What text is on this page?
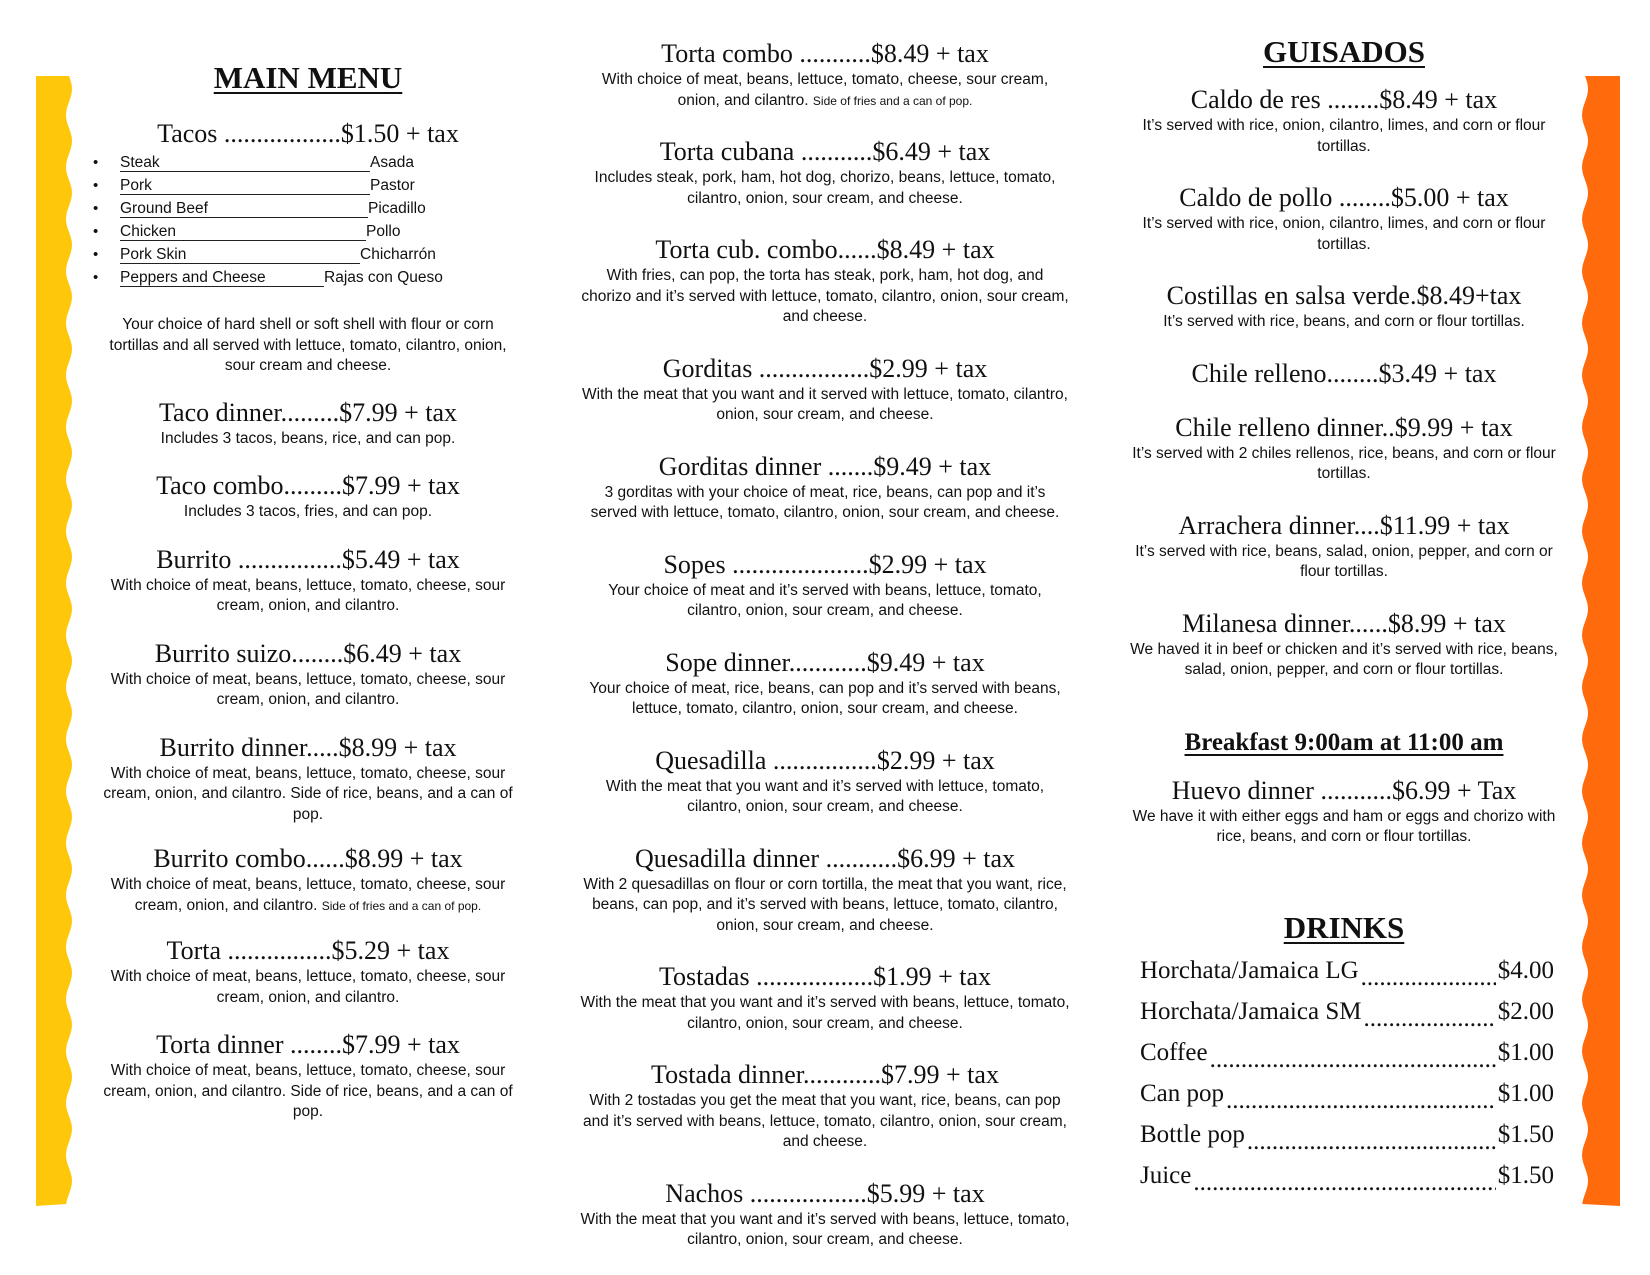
MAIN MENU
Tacos ..................$1.50 + tax
• Steak	Asada
• Pork	Pastor
• Ground Beef	Picadillo
• Chicken	Pollo
• Pork Skin	Chicharrón
• Peppers and Cheese	Rajas con Queso
Your choice of hard shell or soft shell with flour or corn tortillas and all served with lettuce, tomato, cilantro, onion, sour cream and cheese.
Taco dinner.........$7.99 + tax
Includes 3 tacos, beans, rice, and can pop.
Taco combo.........$7.99 + tax
Includes 3 tacos, fries, and can pop.
Burrito ................$5.49 + tax
With choice of meat, beans, lettuce, tomato, cheese, sour cream, onion, and cilantro.
Burrito suizo........$6.49 + tax
With choice of meat, beans, lettuce, tomato, cheese, sour cream, onion, and cilantro.
Burrito dinner.....$8.99 + tax
With choice of meat, beans, lettuce, tomato, cheese, sour cream, onion, and cilantro. Side of rice, beans, and a can of pop.
Burrito combo......$8.99 + tax
With choice of meat, beans, lettuce, tomato, cheese, sour cream, onion, and cilantro. Side of fries and a can of pop.
Torta ................$5.29 + tax
With choice of meat, beans, lettuce, tomato, cheese, sour cream, onion, and cilantro.
Torta dinner ........$7.99 + tax
With choice of meat, beans, lettuce, tomato, cheese, sour cream, onion, and cilantro. Side of rice, beans, and a can of pop.
Torta combo ...........$8.49 + tax
With choice of meat, beans, lettuce, tomato, cheese, sour cream, onion, and cilantro. Side of fries and a can of pop.
Torta cubana ...........$6.49 + tax
Includes steak, pork, ham, hot dog, chorizo, beans, lettuce, tomato, cilantro, onion, sour cream, and cheese.
Torta cub. combo......$8.49 + tax
With fries, can pop, the torta has steak, pork, ham, hot dog, and chorizo and it’s served with lettuce, tomato, cilantro, onion, sour cream, and cheese.
Gorditas .................$2.99 + tax
With the meat that you want and it served with lettuce, tomato, cilantro, onion, sour cream, and cheese.
Gorditas dinner .......$9.49 + tax
3 gorditas with your choice of meat, rice, beans, can pop and it’s served with lettuce, tomato, cilantro, onion, sour cream, and cheese.
Sopes .....................$2.99 + tax
Your choice of meat and it’s served with beans, lettuce, tomato, cilantro, onion, sour cream, and cheese.
Sope dinner............$9.49 + tax
Your choice of meat, rice, beans, can pop and it’s served with beans, lettuce, tomato, cilantro, onion, sour cream, and cheese.
Quesadilla ................$2.99 + tax
With the meat that you want and it’s served with lettuce, tomato, cilantro, onion, sour cream, and cheese.
Quesadilla dinner ...........$6.99 + tax
With 2 quesadillas on flour or corn tortilla, the meat that you want, rice, beans, can pop, and it’s served with beans, lettuce, tomato, cilantro, onion, sour cream, and cheese.
Tostadas ..................$1.99 + tax
With the meat that you want and it’s served with beans, lettuce, tomato, cilantro, onion, sour cream, and cheese.
Tostada dinner............$7.99 + tax
With 2 tostadas you get the meat that you want, rice, beans, can pop and it’s served with beans, lettuce, tomato, cilantro, onion, sour cream, and cheese.
Nachos ..................$5.99 + tax
With the meat that you want and it’s served with beans, lettuce, tomato, cilantro, onion, sour cream, and cheese.
GUISADOS
Caldo de res ........$8.49 + tax
It’s served with rice, onion, cilantro, limes, and corn or flour tortillas.
Caldo de pollo ........$5.00 + tax
It’s served with rice, onion, cilantro, limes, and corn or flour tortillas.
Costillas en salsa verde.$8.49+tax
It’s served with rice, beans, and corn or flour tortillas.
Chile relleno........$3.49 + tax
Chile relleno dinner..$9.99 + tax
It’s served with 2 chiles rellenos, rice, beans, and corn or flour tortillas.
Arrachera dinner....$11.99 + tax
It’s served with rice, beans, salad, onion, pepper, and corn or flour tortillas.
Milanesa dinner......$8.99 + tax
We haved it in beef or chicken and it’s served with rice, beans, salad, onion, pepper, and corn or flour tortillas.
Breakfast 9:00am at 11:00 am
Huevo dinner ...........$6.99 + Tax
We have it with either eggs and ham or eggs and chorizo with rice, beans, and corn or flour tortillas.
DRINKS
Horchata/Jamaica LG .....	$4.00
Horchata/Jamaica SM .....	$2.00
Coffee .....	$1.00
Can pop .....	$1.00
Bottle pop .....	$1.50
Juice .....	$1.50
